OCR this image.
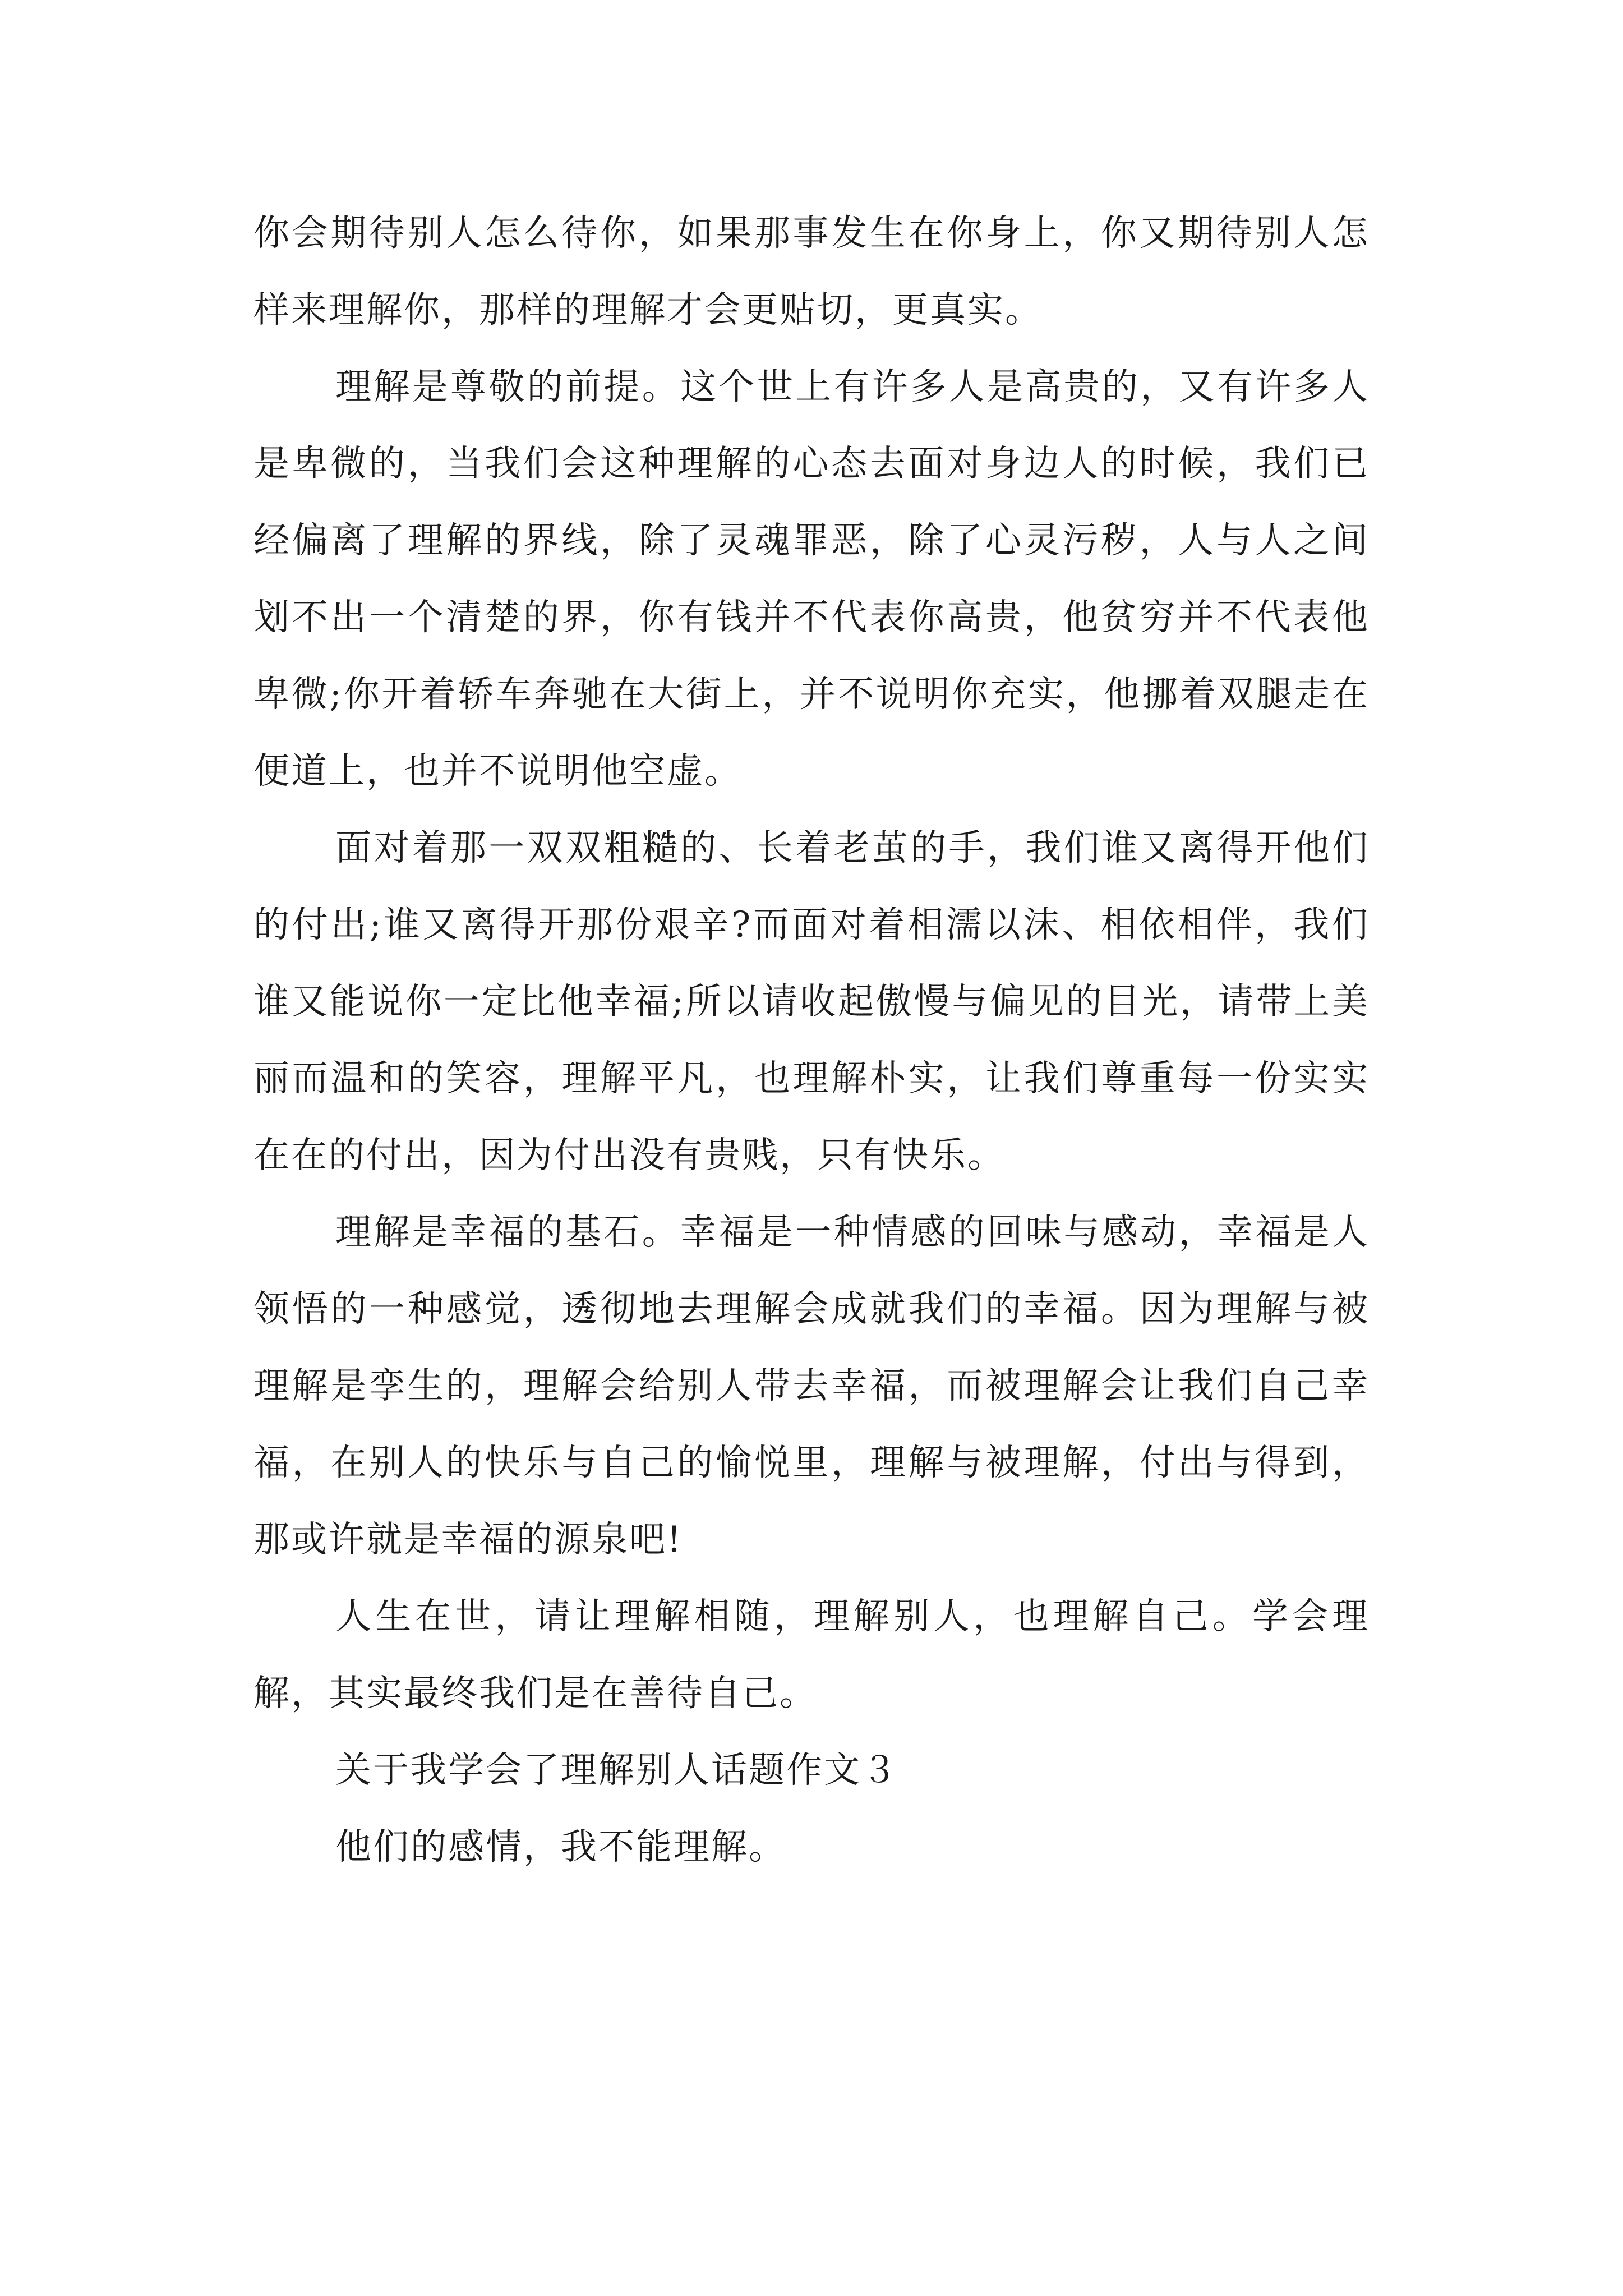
你会期待别人怎么待你，如果那事发生在你身上，你又期待别人怎样来理解你，那样的理解才会更贴切，更真实。

理解是尊敬的前提。这个世上有许多人是高贵的，又有许多人是卑微的，当我们会这种理解的心态去面对身边人的时候，我们已经偏离了理解的界线，除了灵魂罪恶，除了心灵污秽，人与人之间划不出一个清楚的界，你有钱并不代表你高贵，他贫穷并不代表他卑微;你开着轿车奔驰在大街上，并不说明你充实，他挪着双腿走在便道上，也并不说明他空虚。

面对着那一双双粗糙的、长着老茧的手，我们谁又离得开他们的付出;谁又离得开那份艰辛?而面对着相濡以沫、相依相伴，我们谁又能说你一定比他幸福;所以请收起傲慢与偏见的目光，请带上美丽而温和的笑容，理解平凡，也理解朴实，让我们尊重每一份实实在在的付出，因为付出没有贵贱，只有快乐。

理解是幸福的基石。幸福是一种情感的回味与感动，幸福是人领悟的一种感觉，透彻地去理解会成就我们的幸福。因为理解与被理解是孪生的，理解会给别人带去幸福，而被理解会让我们自己幸福，在别人的快乐与自己的愉悦里，理解与被理解，付出与得到，那或许就是幸福的源泉吧!

人生在世，请让理解相随，理解别人，也理解自己。学会理解，其实最终我们是在善待自己。

关于我学会了理解别人话题作文３

他们的感情，我不能理解。
